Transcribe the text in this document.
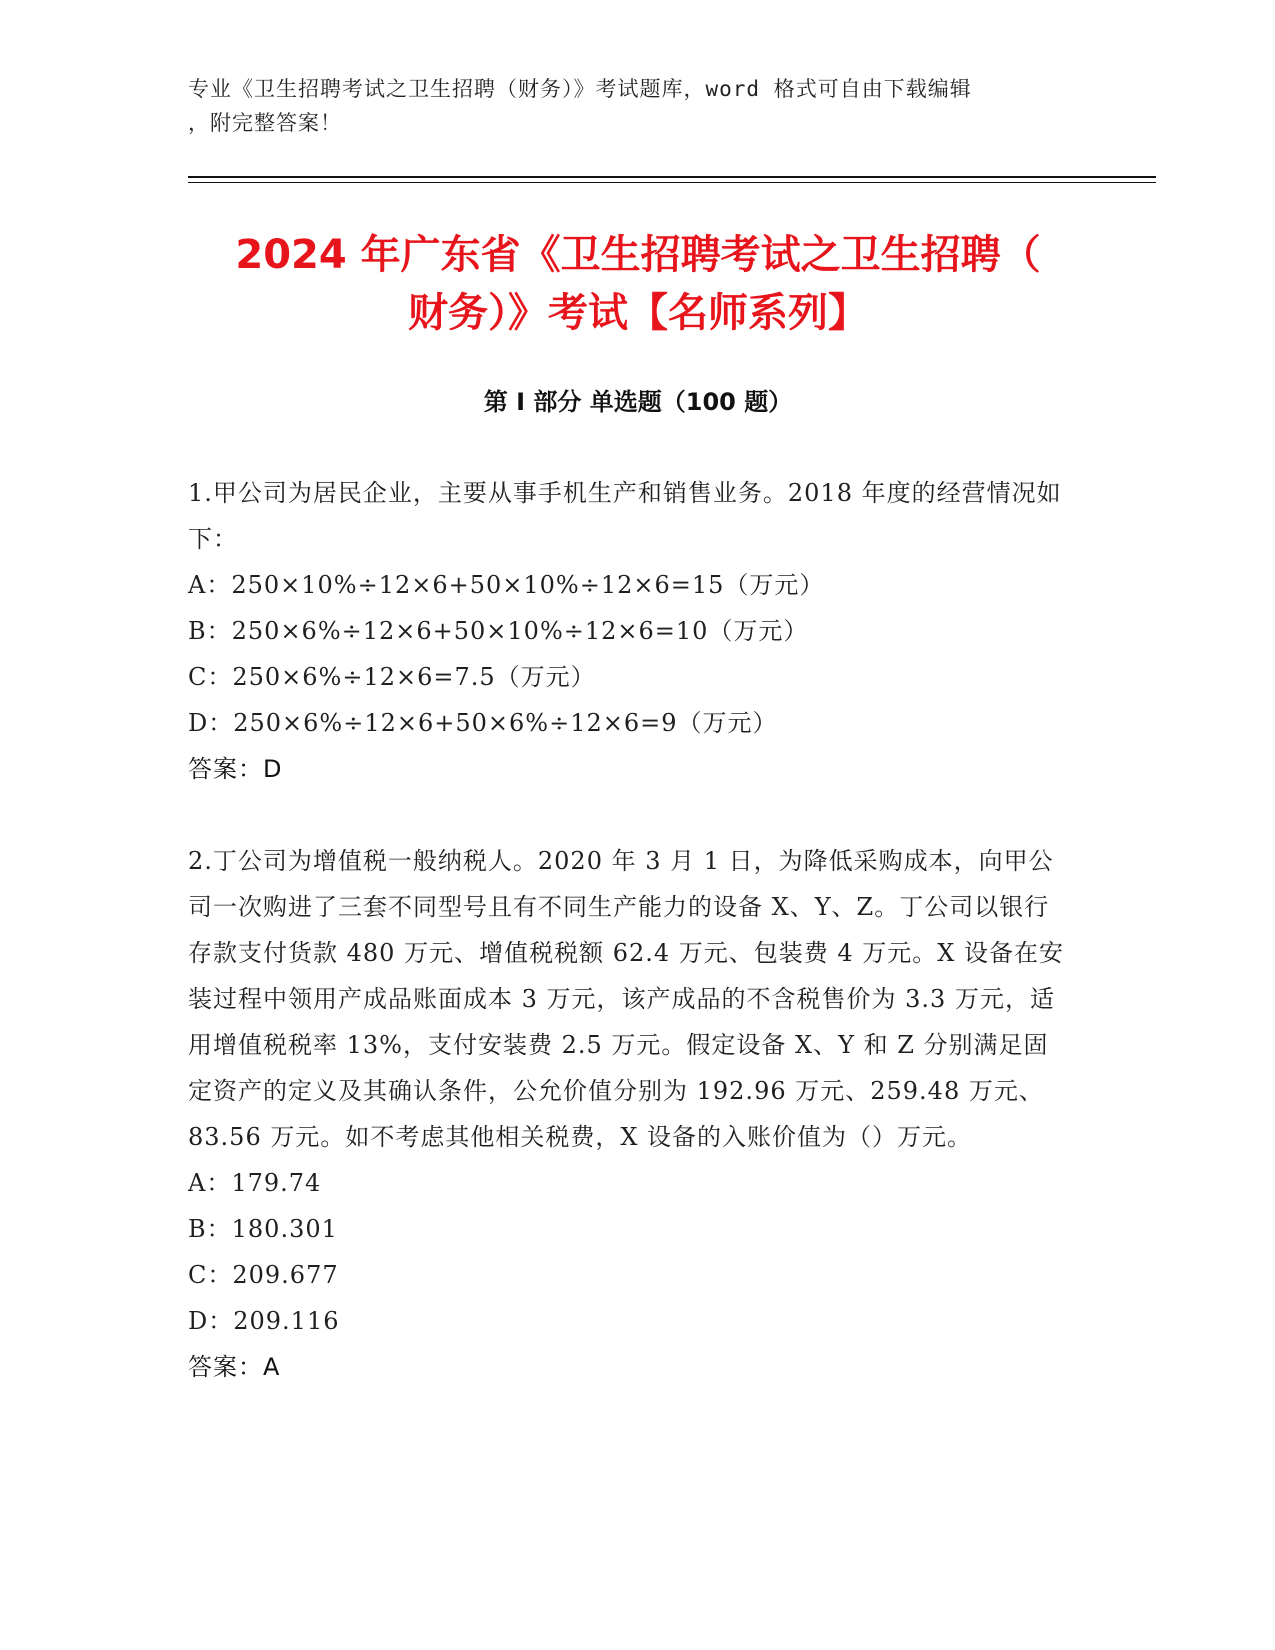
专业《卫生招聘考试之卫生招聘（财务）》考试题库，word 格式可自由下载编辑
，附完整答案！
2024 年广东省《卫生招聘考试之卫生招聘（
财务）》考试【名师系列】
第 I 部分 单选题（100 题）

1.甲公司为居民企业，主要从事手机生产和销售业务。2018 年度的经营情况如下：

A：250×10%÷12×6+50×10%÷12×6=15（万元）

B：250×6%÷12×6+50×10%÷12×6=10（万元）

C：250×6%÷12×6=7.5（万元）

D：250×6%÷12×6+50×6%÷12×6=9（万元）

答案：D

2.丁公司为增值税一般纳税人。2020 年 3 月 1 日，为降低采购成本，向甲公司一次购进了三套不同型号且有不同生产能力的设备 X、Y、Z。丁公司以银行存款支付货款 480 万元、增值税税额 62.4 万元、包装费 4 万元。X 设备在安装过程中领用产成品账面成本 3 万元，该产成品的不含税售价为 3.3 万元，适用增值税税率 13%，支付安装费 2.5 万元。假定设备 X、Y 和 Z 分别满足固定资产的定义及其确认条件，公允价值分别为 192.96 万元、259.48 万元、83.56 万元。如不考虑其他相关税费，X 设备的入账价值为（）万元。

A：179.74

B：180.301

C：209.677

D：209.116

答案：A
